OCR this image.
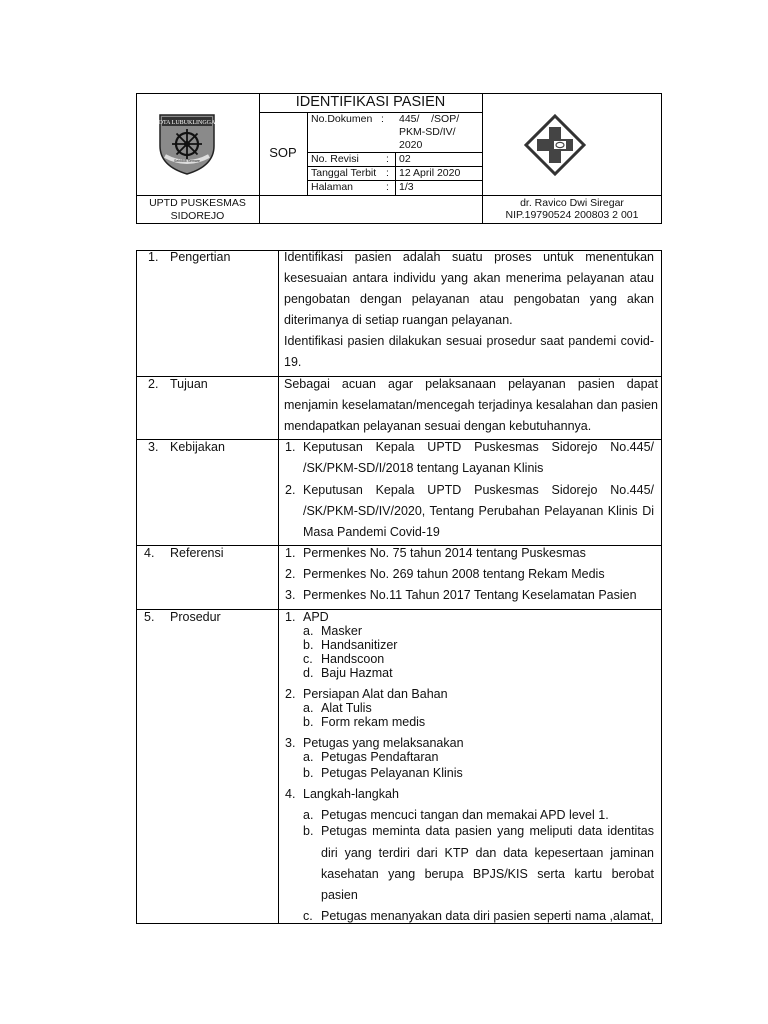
IDENTIFIKASI PASIEN
SOP
No.Dokumen : 445/    /SOP/
PKM-SD/IV/
2020
No. Revisi	: 02
Tanggal Terbit : 12 April 2020
Halaman	: 1/3
KOTA LUBUKLINGGAU
Sebiduk Semare
UPTD PUSKESMAS
SIDOREJO
dr. Ravico Dwi Siregar
NIP.19790524 200803 2 001
1. Pengertian	Identifikasi pasien adalah suatu proses untuk menentukan
kesesuaian antara individu yang akan menerima pelayanan atau
pengobatan dengan pelayanan atau pengobatan yang akan
diterimanya di setiap ruangan pelayanan.
Identifikasi pasien dilakukan sesuai prosedur saat pandemi covid-
19.
2. Tujuan	Sebagai acuan agar pelaksanaan pelayanan pasien dapat
menjamin keselamatan/mencegah terjadinya kesalahan dan pasien
mendapatkan pelayanan sesuai dengan kebutuhannya.
3. Kebijakan	1. Keputusan Kepala UPTD Puskesmas Sidorejo No.445/
/SK/PKM-SD/I/2018 tentang Layanan Klinis
2. Keputusan Kepala UPTD Puskesmas Sidorejo No.445/
/SK/PKM-SD/IV/2020, Tentang Perubahan Pelayanan Klinis Di
Masa Pandemi Covid-19
4. Referensi	1. Permenkes No. 75 tahun 2014 tentang Puskesmas
2. Permenkes No. 269 tahun 2008 tentang Rekam Medis
3. Permenkes No.11 Tahun 2017 Tentang Keselamatan Pasien
5. Prosedur	1. APD
a. Masker
b. Handsanitizer
c. Handscoon
d. Baju Hazmat
2. Persiapan Alat dan Bahan
a. Alat Tulis
b. Form rekam medis
3. Petugas yang melaksanakan
a. Petugas Pendaftaran
b. Petugas Pelayanan Klinis
4. Langkah-langkah
a. Petugas mencuci tangan dan memakai APD level 1.
b. Petugas meminta data pasien yang meliputi data identitas
diri yang terdiri dari KTP dan data kepesertaan jaminan
kasehatan yang berupa BPJS/KIS serta kartu berobat
pasien
c. Petugas menanyakan data diri pasien seperti nama ,alamat,
